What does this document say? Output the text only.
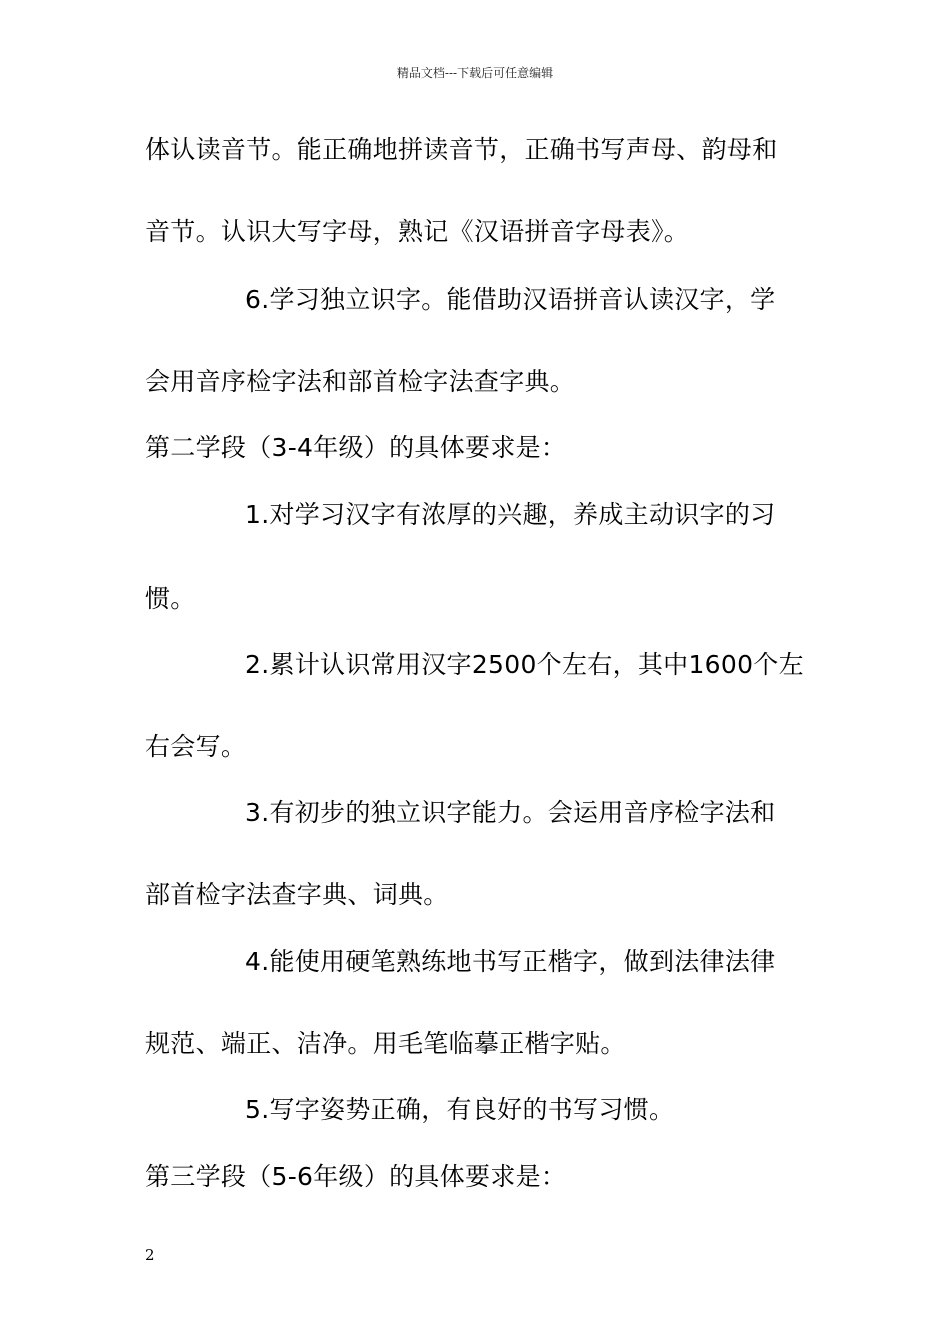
精品文档---下载后可任意编辑
体认读音节。能正确地拼读音节，正确书写声母、韵母和
音节。认识大写字母，熟记《汉语拼音字母表》。
6.学习独立识字。能借助汉语拼音认读汉字，学
会用音序检字法和部首检字法查字典。
第二学段（3-4年级）的具体要求是：
1.对学习汉字有浓厚的兴趣，养成主动识字的习
惯。
2.累计认识常用汉字2500个左右，其中1600个左
右会写。
3.有初步的独立识字能力。会运用音序检字法和
部首检字法查字典、词典。
4.能使用硬笔熟练地书写正楷字，做到法律法律
规范、端正、洁净。用毛笔临摹正楷字贴。
5.写字姿势正确，有良好的书写习惯。
第三学段（5-6年级）的具体要求是：
2
